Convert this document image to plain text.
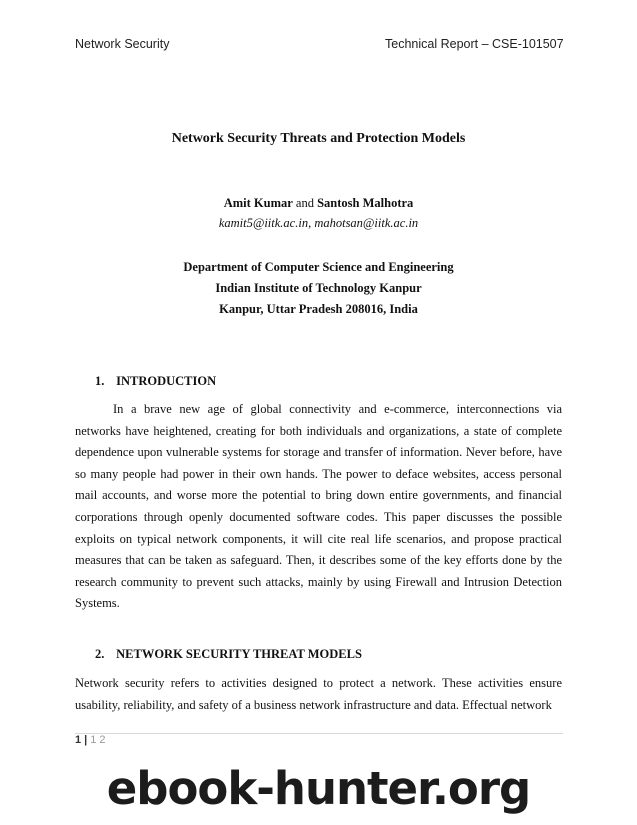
Network Security	Technical Report – CSE-101507
Network Security Threats and Protection Models
Amit Kumar and Santosh Malhotra
kamit5@iitk.ac.in, mahotsan@iitk.ac.in
Department of Computer Science and Engineering
Indian Institute of Technology Kanpur
Kanpur, Uttar Pradesh 208016, India
1. INTRODUCTION

In a brave new age of global connectivity and e-commerce, interconnections via networks have heightened, creating for both individuals and organizations, a state of complete dependence upon vulnerable systems for storage and transfer of information. Never before, have so many people had power in their own hands. The power to deface websites, access personal mail accounts, and worse more the potential to bring down entire governments, and financial corporations through openly documented software codes. This paper discusses the possible exploits on typical network components, it will cite real life scenarios, and propose practical measures that can be taken as safeguard. Then, it describes some of the key efforts done by the research community to prevent such attacks, mainly by using Firewall and Intrusion Detection Systems.

2. NETWORK SECURITY THREAT MODELS

Network security refers to activities designed to protect a network. These activities ensure usability, reliability, and safety of a business network infrastructure and data. Effectual network

1 | 1 2
ebook-hunter.org
